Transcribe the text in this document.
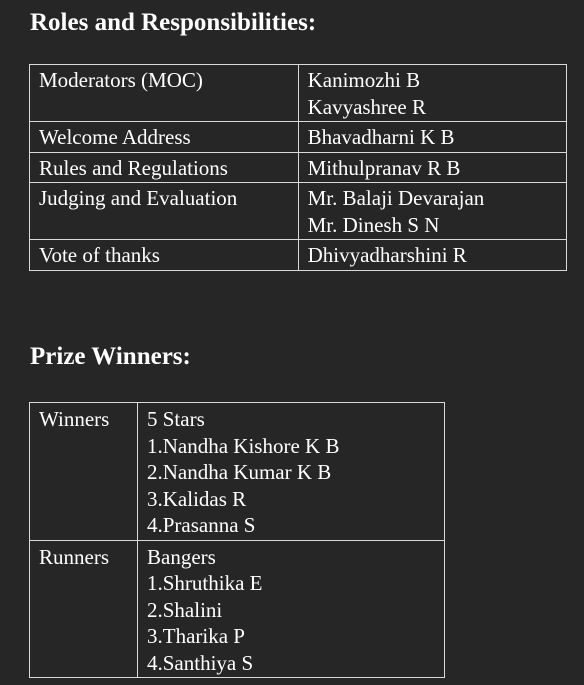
Roles and Responsibilities:
Moderators (MOC)	Kanimozhi B
Kavyashree R

Welcome Address	Bhavadharni K B

Rules and Regulations	Mithulpranav R B

Judging and Evaluation	Mr. Balaji Devarajan
Mr. Dinesh S N

Vote of thanks	Dhivyadharshini R
Prize Winners:
Winners	5 Stars
1.Nandha Kishore K B
2.Nandha Kumar K B
3.Kalidas R
4.Prasanna S

Runners	Bangers
1.Shruthika E
2.Shalini
3.Tharika P
4.Santhiya S
